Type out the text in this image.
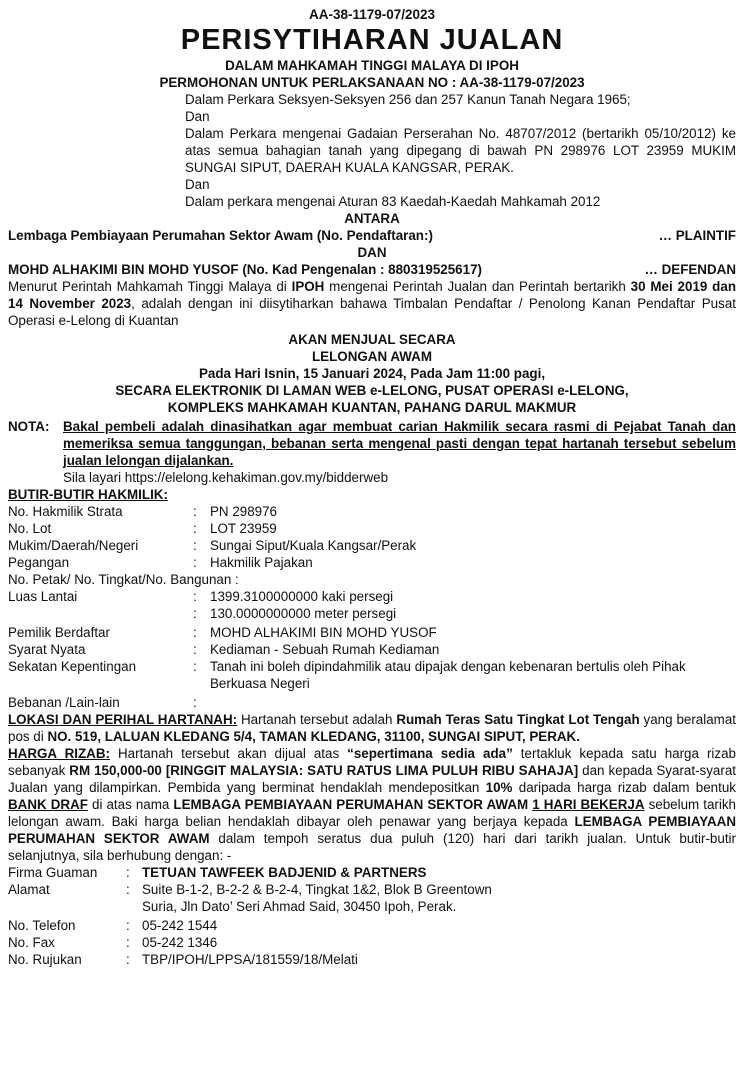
AA-38-1179-07/2023
PERISYTIHARAN JUALAN
DALAM MAHKAMAH TINGGI MALAYA DI IPOH
PERMOHONAN UNTUK PERLAKSANAAN NO : AA-38-1179-07/2023
Dalam Perkara Seksyen-Seksyen 256 dan 257 Kanun Tanah Negara 1965;
Dan
Dalam Perkara mengenai Gadaian Perserahan No. 48707/2012 (bertarikh 05/10/2012) ke atas semua bahagian tanah yang dipegang di bawah PN 298976 LOT 23959 MUKIM SUNGAI SIPUT, DAERAH KUALA KANGSAR, PERAK.
Dan
Dalam perkara mengenai Aturan 83 Kaedah-Kaedah Mahkamah 2012
ANTARA
Lembaga Pembiayaan Perumahan Sektor Awam (No. Pendaftaran:)	… PLAINTIF
DAN
MOHD ALHAKIMI BIN MOHD YUSOF (No. Kad Pengenalan : 880319525617)	… DEFENDAN
Menurut Perintah Mahkamah Tinggi Malaya di IPOH mengenai Perintah Jualan dan Perintah bertarikh 30 Mei 2019 dan 14 November 2023, adalah dengan ini diisytiharkan bahawa Timbalan Pendaftar / Penolong Kanan Pendaftar Pusat Operasi e-Lelong di Kuantan
AKAN MENJUAL SECARA
LELONGAN AWAM
Pada Hari Isnin, 15 Januari 2024, Pada Jam 11:00 pagi,
SECARA ELEKTRONIK DI LAMAN WEB e-LELONG, PUSAT OPERASI e-LELONG,
KOMPLEKS MAHKAMAH KUANTAN, PAHANG DARUL MAKMUR
NOTA:	Bakal pembeli adalah dinasihatkan agar membuat carian Hakmilik secara rasmi di Pejabat Tanah dan memeriksa semua tanggungan, bebanan serta mengenal pasti dengan tepat hartanah tersebut sebelum jualan lelongan dijalankan.
Sila layari https://elelong.kehakiman.gov.my/bidderweb
BUTIR-BUTIR HAKMILIK:
No. Hakmilik Strata	: PN 298976
No. Lot	: LOT 23959
Mukim/Daerah/Negeri	: Sungai Siput/Kuala Kangsar/Perak
Pegangan	: Hakmilik Pajakan
No. Petak/ No. Tingkat/No. Bangunan :
Luas Lantai	: 1399.3100000000 kaki persegi
: 130.0000000000 meter persegi
Pemilik Berdaftar	: MOHD ALHAKIMI BIN MOHD YUSOF
Syarat Nyata	: Kediaman - Sebuah Rumah Kediaman
Sekatan Kepentingan	: Tanah ini boleh dipindahmilik atau dipajak dengan kebenaran bertulis oleh Pihak Berkuasa Negeri
Bebanan /Lain-lain	:
LOKASI DAN PERIHAL HARTANAH: Hartanah tersebut adalah Rumah Teras Satu Tingkat Lot Tengah yang beralamat pos di NO. 519, LALUAN KLEDANG 5/4, TAMAN KLEDANG, 31100, SUNGAI SIPUT, PERAK.
HARGA RIZAB: Hartanah tersebut akan dijual atas “sepertimana sedia ada” tertakluk kepada satu harga rizab sebanyak RM 150,000-00 [RINGGIT MALAYSIA: SATU RATUS LIMA PULUH RIBU SAHAJA] dan kepada Syarat-syarat Jualan yang dilampirkan. Pembida yang berminat hendaklah mendepositkan 10% daripada harga rizab dalam bentuk BANK DRAF di atas nama LEMBAGA PEMBIAYAAN PERUMAHAN SEKTOR AWAM 1 HARI BEKERJA sebelum tarikh lelongan awam. Baki harga belian hendaklah dibayar oleh penawar yang berjaya kepada LEMBAGA PEMBIAYAAN PERUMAHAN SEKTOR AWAM dalam tempoh seratus dua puluh (120) hari dari tarikh jualan. Untuk butir-butir selanjutnya, sila berhubung dengan: -
Firma Guaman	: TETUAN TAWFEEK BADJENID & PARTNERS
Alamat	: Suite B-1-2, B-2-2 & B-2-4, Tingkat 1&2, Blok B Greentown
Suria, Jln Dato’ Seri Ahmad Said, 30450 Ipoh, Perak.
No. Telefon	: 05-242 1544
No. Fax	: 05-242 1346
No. Rujukan	: TBP/IPOH/LPPSA/181559/18/Melati
